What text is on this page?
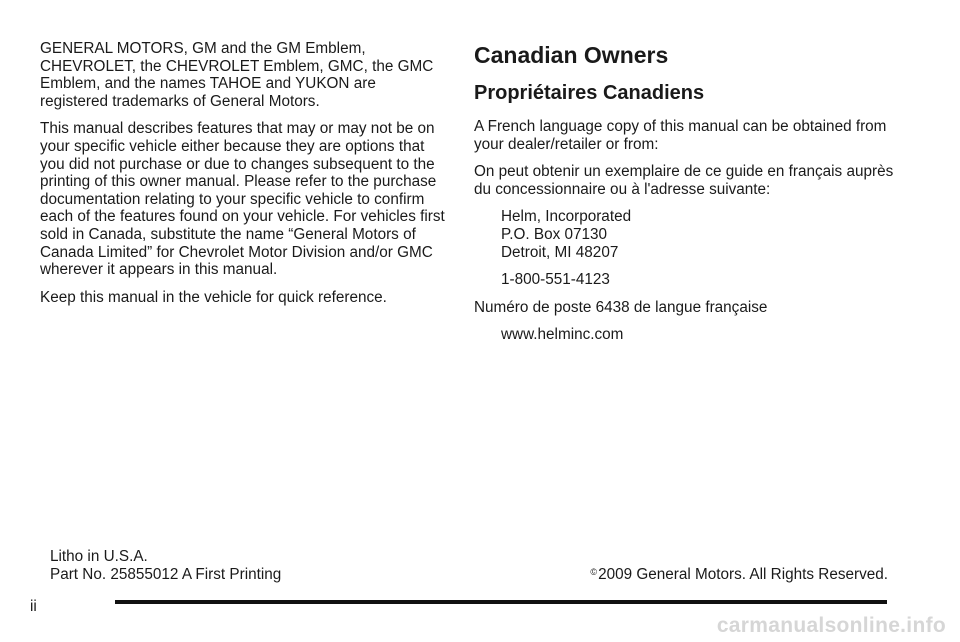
GENERAL MOTORS, GM and the GM Emblem, CHEVROLET, the CHEVROLET Emblem, GMC, the GMC Emblem, and the names TAHOE and YUKON are registered trademarks of General Motors.

This manual describes features that may or may not be on your specific vehicle either because they are options that you did not purchase or due to changes subsequent to the printing of this owner manual. Please refer to the purchase documentation relating to your specific vehicle to confirm each of the features found on your vehicle. For vehicles first sold in Canada, substitute the name “General Motors of Canada Limited” for Chevrolet Motor Division and/or GMC wherever it appears in this manual.

Keep this manual in the vehicle for quick reference.

Canadian Owners
Propriétaires Canadiens

A French language copy of this manual can be obtained from your dealer/retailer or from:

On peut obtenir un exemplaire de ce guide en français auprès du concessionnaire ou à l'adresse suivante:

Helm, Incorporated
P.O. Box 07130
Detroit, MI 48207

1-800-551-4123

Numéro de poste 6438 de langue française

www.helminc.com

Litho in U.S.A.
Part No. 25855012 A First Printing	©2009 General Motors. All Rights Reserved.
ii
carmanualsonline.info
